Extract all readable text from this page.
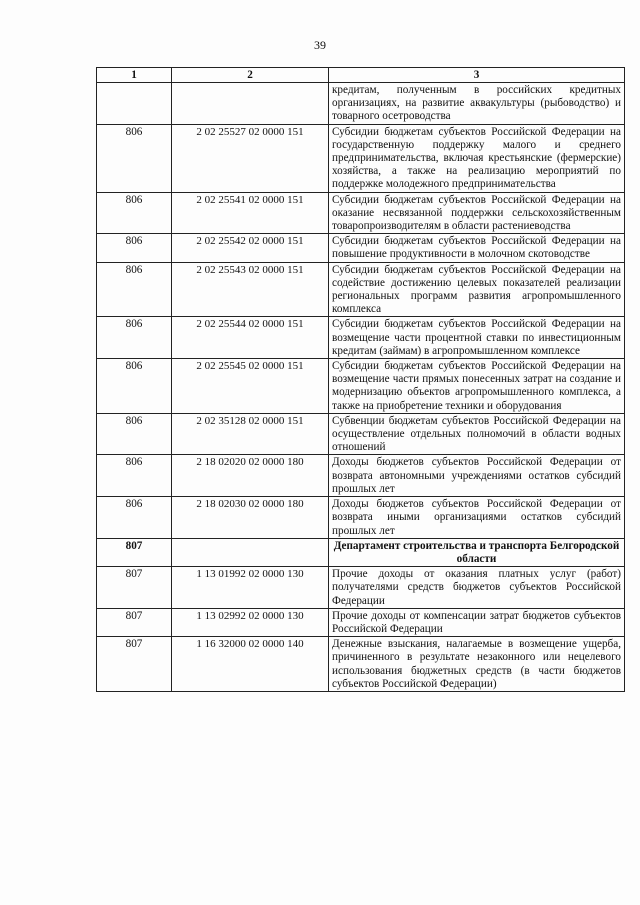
39
1	2	3
		кредитам, полученным в российских кредитных организациях, на развитие аквакультуры (рыбоводство) и товарного осетроводства
806	2 02 25527 02 0000 151	Субсидии бюджетам субъектов Российской Федерации на государственную поддержку малого и среднего предпринимательства, включая крестьянские (фермерские) хозяйства, а также на реализацию мероприятий по поддержке молодежного предпринимательства
806	2 02 25541 02 0000 151	Субсидии бюджетам субъектов Российской Федерации на оказание несвязанной поддержки сельскохозяйственным товаропроизводителям в области растениеводства
806	2 02 25542 02 0000 151	Субсидии бюджетам субъектов Российской Федерации на повышение продуктивности в молочном скотоводстве
806	2 02 25543 02 0000 151	Субсидии бюджетам субъектов Российской Федерации на содействие достижению целевых показателей реализации региональных программ развития агропромышленного комплекса
806	2 02 25544 02 0000 151	Субсидии бюджетам субъектов Российской Федерации на возмещение части процентной ставки по инвестиционным кредитам (займам) в агропромышленном комплексе
806	2 02 25545 02 0000 151	Субсидии бюджетам субъектов Российской Федерации на возмещение части прямых понесенных затрат на создание и модернизацию объектов агропромышленного комплекса, а также на приобретение техники и оборудования
806	2 02 35128 02 0000 151	Субвенции бюджетам субъектов Российской Федерации на осуществление отдельных полномочий в области водных отношений
806	2 18 02020 02 0000 180	Доходы бюджетов субъектов Российской Федерации от возврата автономными учреждениями остатков субсидий прошлых лет
806	2 18 02030 02 0000 180	Доходы бюджетов субъектов Российской Федерации от возврата иными организациями остатков субсидий прошлых лет
807		Департамент строительства и транспорта Белгородской области
807	1 13 01992 02 0000 130	Прочие доходы от оказания платных услуг (работ) получателями средств бюджетов субъектов Российской Федерации
807	1 13 02992 02 0000 130	Прочие доходы от компенсации затрат бюджетов субъектов Российской Федерации
807	1 16 32000 02 0000 140	Денежные взыскания, налагаемые в возмещение ущерба, причиненного в результате незаконного или нецелевого использования бюджетных средств (в части бюджетов субъектов Российской Федерации)
